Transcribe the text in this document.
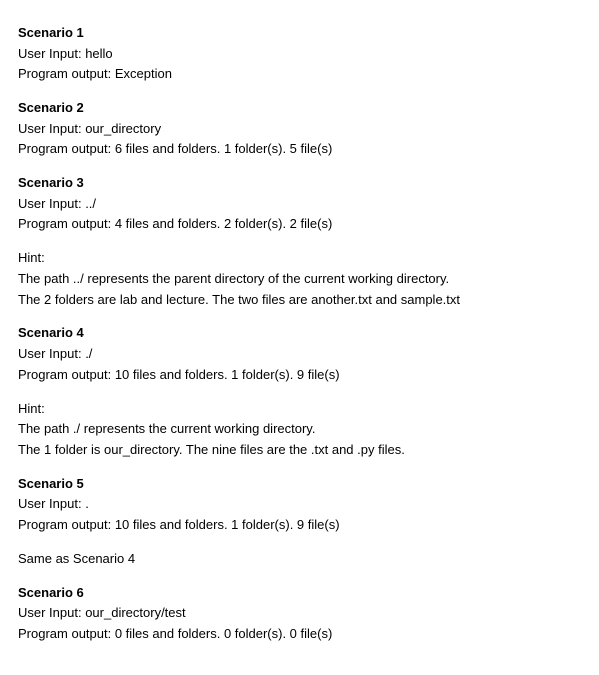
Scenario 1
User Input: hello
Program output: Exception
Scenario 2
User Input: our_directory
Program output: 6 files and folders. 1 folder(s). 5 file(s)
Scenario 3
User Input: ../
Program output: 4 files and folders. 2 folder(s). 2 file(s)
Hint:
The path ../ represents the parent directory of the current working directory.
The 2 folders are lab and lecture. The two files are another.txt and sample.txt
Scenario 4
User Input: ./
Program output: 10 files and folders. 1 folder(s). 9 file(s)
Hint:
The path ./ represents the current working directory.
The 1 folder is our_directory. The nine files are the .txt and .py files.
Scenario 5
User Input: .
Program output: 10 files and folders. 1 folder(s). 9 file(s)
Same as Scenario 4
Scenario 6
User Input: our_directory/test
Program output: 0 files and folders. 0 folder(s). 0 file(s)
